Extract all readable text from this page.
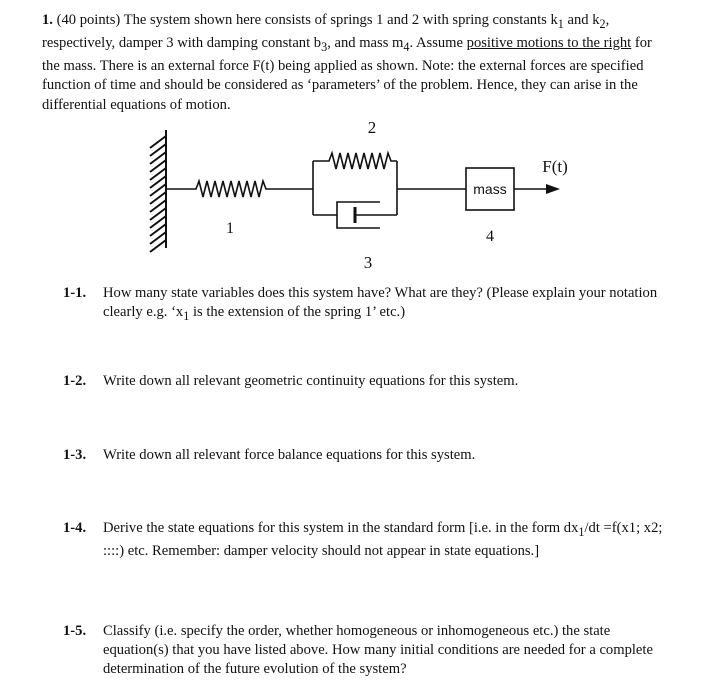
1. (40 points) The system shown here consists of springs 1 and 2 with spring constants $k_1$ and $k_2$, respectively, damper 3 with damping constant $b_3$, and mass $m_4$. Assume positive motions to the right for the mass. There is an external force F(t) being applied as shown. Note: the external forces are specified function of time and should be considered as ‘parameters’ of the problem. Hence, they can arise in the differential equations of motion.
1
2
3
mass
4
F(t)
1-1. How many state variables does this system have? What are they? (Please explain your notation clearly e.g. ‘$x_1$ is the extension of the spring 1’ etc.)
1-2. Write down all relevant geometric continuity equations for this system.
1-3. Write down all relevant force balance equations for this system.
1-4. Derive the state equations for this system in the standard form [i.e. in the form $dx_1/dt =f(x1$; x2; ::::) etc. Remember: damper velocity should not appear in state equations.]
1-5. Classify (i.e. specify the order, whether homogeneous or inhomogeneous etc.) the state equation(s) that you have listed above. How many initial conditions are needed for a complete determination of the future evolution of the system?
